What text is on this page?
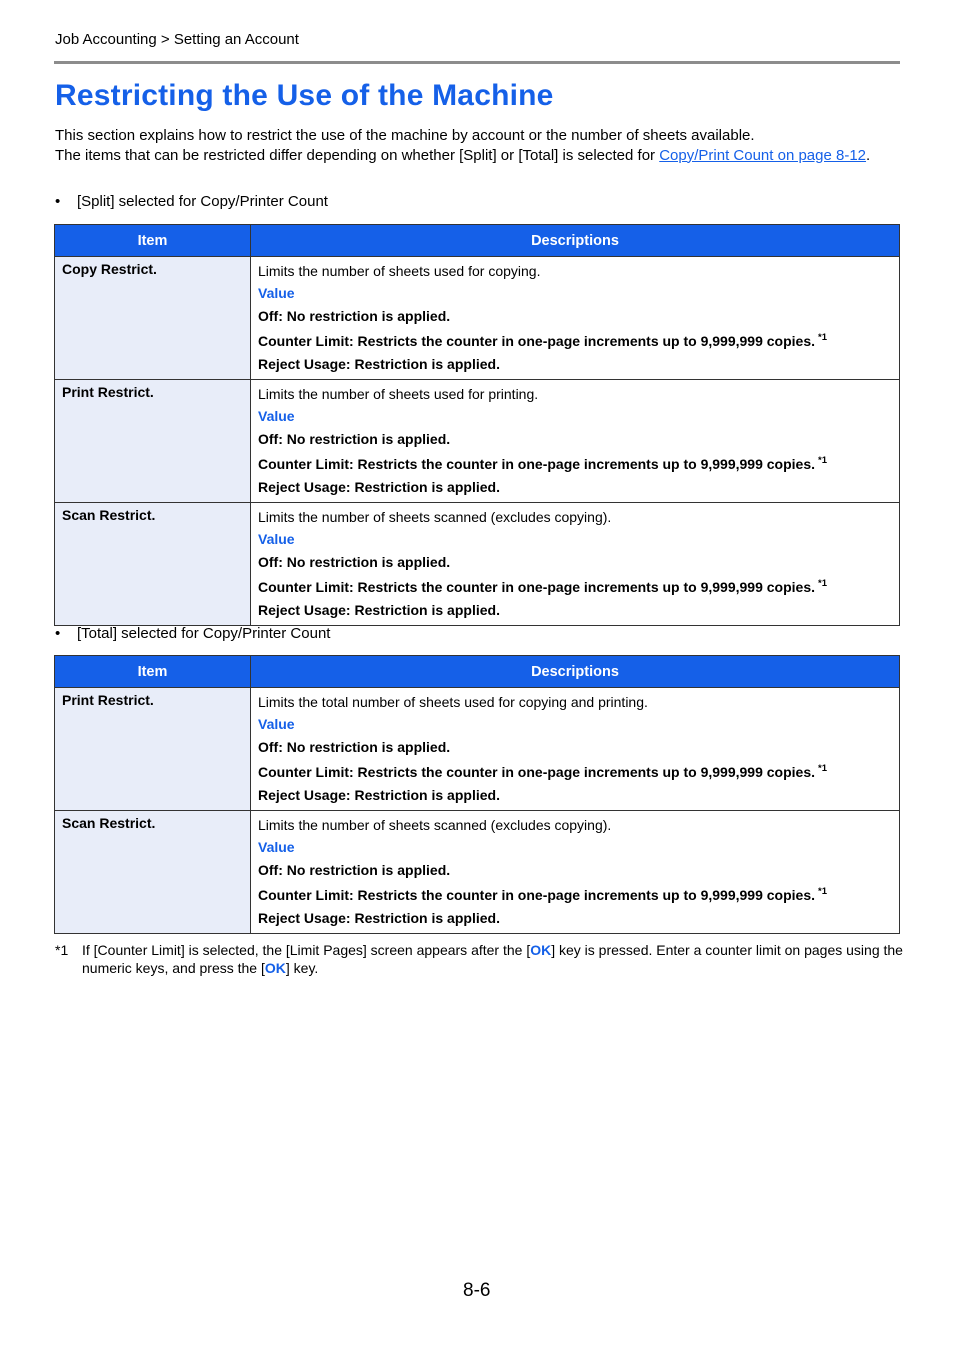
Job Accounting > Setting an Account
Restricting the Use of the Machine

This section explains how to restrict the use of the machine by account or the number of sheets available.

The items that can be restricted differ depending on whether [Split] or [Total] is selected for Copy/Print Count on page 8-12.

• [Split] selected for Copy/Printer Count
Item	Descriptions
Copy Restrict.	Limits the number of sheets used for copying.
Value
Off: No restriction is applied.
Counter Limit: Restricts the counter in one-page increments up to 9,999,999 copies. $^{*1}$
Reject Usage: Restriction is applied.

Print Restrict.	Limits the number of sheets used for printing.
Value
Off: No restriction is applied.
Counter Limit: Restricts the counter in one-page increments up to 9,999,999 copies. $^{*1}$
Reject Usage: Restriction is applied.

Scan Restrict.	Limits the number of sheets scanned (excludes copying).
Value
Off: No restriction is applied.
Counter Limit: Restricts the counter in one-page increments up to 9,999,999 copies. $^{*1}$
Reject Usage: Restriction is applied.
• [Total] selected for Copy/Printer Count
Item	Descriptions
Print Restrict.	Limits the total number of sheets used for copying and printing.
Value
Off: No restriction is applied.
Counter Limit: Restricts the counter in one-page increments up to 9,999,999 copies. $^{*1}$
Reject Usage: Restriction is applied.

Scan Restrict.	Limits the number of sheets scanned (excludes copying).
Value
Off: No restriction is applied.
Counter Limit: Restricts the counter in one-page increments up to 9,999,999 copies. $^{*1}$
Reject Usage: Restriction is applied.
*1 If [Counter Limit] is selected, the [Limit Pages] screen appears after the [OK] key is pressed. Enter a counter limit on pages using the numeric keys, and press the [OK] key.
8-6
